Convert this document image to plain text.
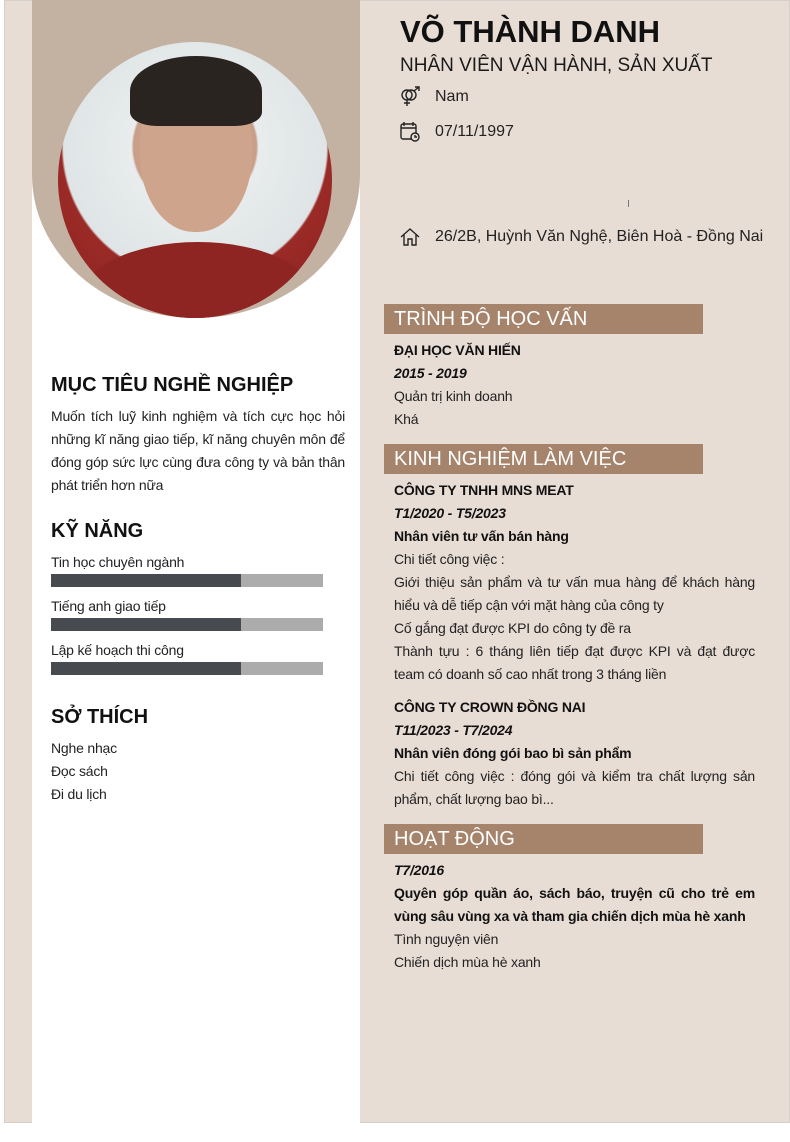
VÕ THÀNH DANH
NHÂN VIÊN VẬN HÀNH, SẢN XUẤT
Nam
07/11/1997
26/2B, Huỳnh Văn Nghệ, Biên Hoà - Đồng Nai
MỤC TIÊU NGHỀ NGHIỆP
Muốn tích luỹ kinh nghiệm và tích cực học hỏi những kĩ năng giao tiếp, kĩ năng chuyên môn để đóng góp sức lực cùng đưa công ty và bản thân phát triển hơn nữa
KỸ NĂNG
Tin học chuyên ngành
Tiếng anh giao tiếp
Lập kế hoạch thi công
SỞ THÍCH
Nghe nhạc
Đọc sách
Đi du lịch
TRÌNH ĐỘ HỌC VẤN
ĐẠI HỌC VĂN HIẾN
2015 - 2019
Quản trị kinh doanh
Khá
KINH NGHIỆM LÀM VIỆC
CÔNG TY TNHH MNS MEAT
T1/2020 - T5/2023
Nhân viên tư vấn bán hàng
Chi tiết công việc :
Giới thiệu sản phẩm và tư vấn mua hàng để khách hàng hiểu và dễ tiếp cận với mặt hàng của công ty
Cố gắng đạt được KPI do công ty đề ra
Thành tựu : 6 tháng liên tiếp đạt được KPI và đạt được team có doanh số cao nhất trong 3 tháng liền
CÔNG TY CROWN ĐỒNG NAI
T11/2023 - T7/2024
Nhân viên đóng gói bao bì sản phẩm
Chi tiết công việc : đóng gói và kiểm tra chất lượng sản phẩm, chất lượng bao bì...
HOẠT ĐỘNG
T7/2016
Quyên góp quần áo, sách báo, truyện cũ cho trẻ em vùng sâu vùng xa và tham gia chiến dịch mùa hè xanh
Tình nguyện viên
Chiến dịch mùa hè xanh
